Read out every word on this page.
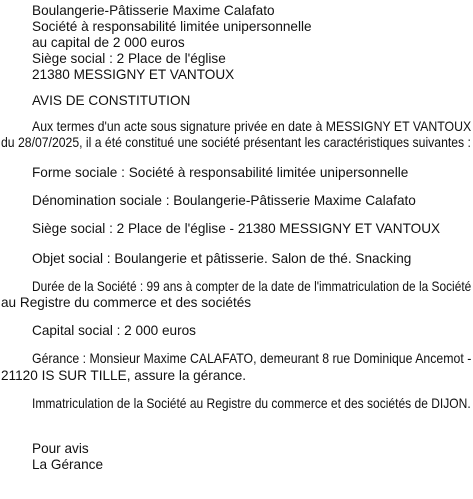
Boulangerie-Pâtisserie Maxime Calafato
Société à responsabilité limitée unipersonnelle
au capital de 2 000 euros
Siège social : 2 Place de l'église
21380 MESSIGNY ET VANTOUX
AVIS DE CONSTITUTION
Aux termes d'un acte sous signature privée en date à MESSIGNY ET VANTOUX
du 28/07/2025, il a été constitué une société présentant les caractéristiques suivantes :
Forme sociale : Société à responsabilité limitée unipersonnelle
Dénomination sociale : Boulangerie-Pâtisserie Maxime Calafato
Siège social : 2 Place de l'église - 21380 MESSIGNY ET VANTOUX
Objet social : Boulangerie et pâtisserie. Salon de thé. Snacking
Durée de la Société : 99 ans à compter de la date de l'immatriculation de la Société
au Registre du commerce et des sociétés
Capital social : 2 000 euros
Gérance : Monsieur Maxime CALAFATO, demeurant 8 rue Dominique Ancemot -
21120 IS SUR TILLE, assure la gérance.
Immatriculation de la Société au Registre du commerce et des sociétés de DIJON.
Pour avis
La Gérance
